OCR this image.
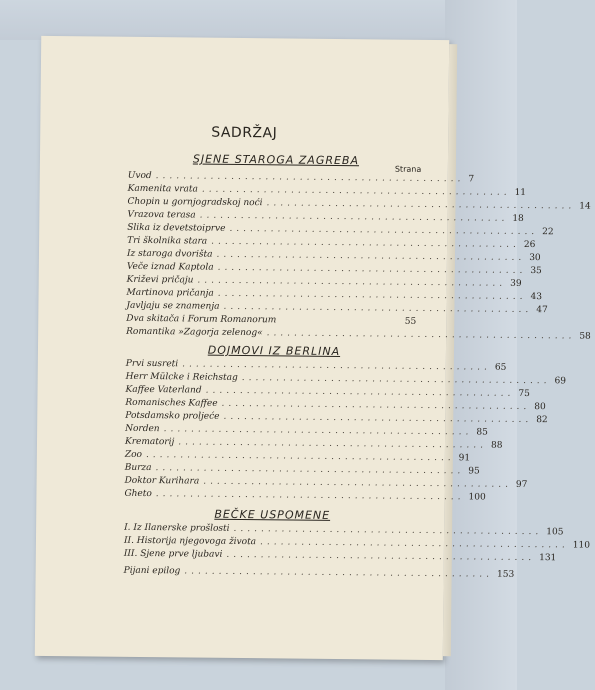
SADRŽAJ
SJENE STAROGA ZAGREBA
Strana
Uvod ............................................. 7
Kamenita vrata ............................................. 11
Chopin u gornjogradskoj noći ............................................. 14
Vrazova terasa ............................................. 18
Slika iz devetstoiprve ............................................. 22
Tri školnika stara ............................................. 26
Iz staroga dvorišta ............................................. 30
Veče iznad Kaptola ............................................. 35
Križevi pričaju ............................................. 39
Martinova pričanja ............................................. 43
Javljaju se znamenja ............................................. 47
Dva skitača i Forum Romanorum	55
Romantika »Zagorja zelenog« ............................................. 58
DOJMOVI IZ BERLINA
Prvi susreti ............................................. 65
Herr Mülcke i Reichstag ............................................. 69
Kaffee Vaterland ............................................. 75
Romanisches Kaffee ............................................. 80
Potsdamsko proljeće ............................................. 82
Norden ............................................. 85
Krematorij ............................................. 88
Zoo ............................................. 91
Burza ............................................. 95
Doktor Kurihara ............................................. 97
Gheto ............................................. 100
BEČKE USPOMENE
I. Iz Ilanerske prošlosti ............................................. 105
II. Historija njegovoga života ............................................. 110
III. Sjene prve ljubavi ............................................. 131
Pijani epilog ............................................. 153
